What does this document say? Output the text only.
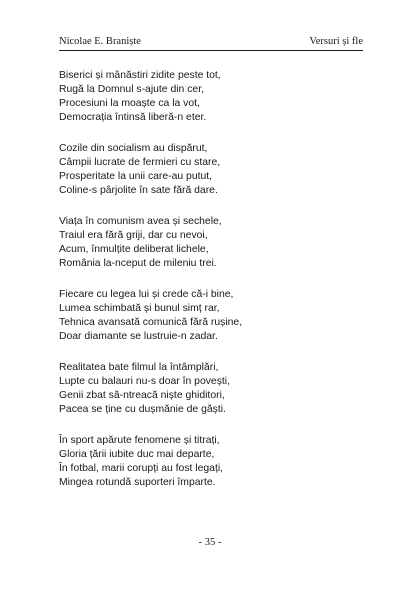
Nicolae E. Braniște	Versuri și fle
Biserici și mânăstiri zidite peste tot,
Rugă la Domnul s-ajute din cer,
Procesiuni la moaște ca la vot,
Democrația întinsă liberă-n eter.
Cozile din socialism au dispărut,
Câmpii lucrate de fermieri cu stare,
Prosperitate la unii care-au putut,
Coline-s pârjolite în sate fără dare.
Viața în comunism avea și sechele,
Traiul era fără griji, dar cu nevoi,
Acum, înmulțite deliberat lichele,
România la-nceput de mileniu trei.
Fiecare cu legea lui și crede că-i bine,
Lumea schimbată și bunul simț rar,
Tehnica avansată comunică fără rușine,
Doar diamante se lustruie-n zadar.
Realitatea bate filmul la întâmplări,
Lupte cu balauri nu-s doar în povești,
Genii zbat să-ntreacă niște ghiditori,
Pacea se ține cu dușmănie de găști.
În sport apărute fenomene și titrați,
Gloria țării iubite duc mai departe,
În fotbal, marii corupți au fost legați,
Mingea rotundă suporteri împarte.
- 35 -
